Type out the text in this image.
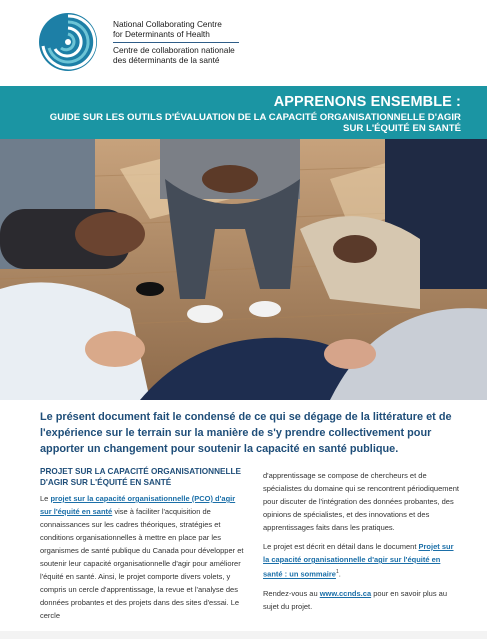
National Collaborating Centre
for Determinants of Health
Centre de collaboration nationale
des déterminants de la santé
APPRENONS ENSEMBLE :
GUIDE SUR LES OUTILS D'ÉVALUATION DE LA CAPACITÉ ORGANISATIONNELLE D'AGIR SUR L'ÉQUITÉ EN SANTÉ
Le présent document fait le condensé de ce qui se dégage de la littérature et de l'expérience sur le terrain sur la manière de s'y prendre collectivement pour apporter un changement pour soutenir la capacité en santé publique.
PROJET SUR LA CAPACITÉ ORGANISATIONNELLE D'AGIR SUR L'ÉQUITÉ EN SANTÉ
Le projet sur la capacité organisationnelle (PCO) d'agir sur l'équité en santé vise à faciliter l'acquisition de connaissances sur les cadres théoriques, stratégies et conditions organisationnelles à mettre en place par les organismes de santé publique du Canada pour développer et soutenir leur capacité organisationnelle d'agir pour améliorer l'équité en santé. Ainsi, le projet comporte divers volets, y compris un cercle d'apprentissage, la revue et l'analyse des données probantes et des projets dans des sites d'essai. Le cercle
d'apprentissage se compose de chercheurs et de spécialistes du domaine qui se rencontrent périodiquement pour discuter de l'intégration des données probantes, des opinions de spécialistes, et des innovations et des apprentissages faits dans les pratiques.
Le projet est décrit en détail dans le document Projet sur la capacité organisationnelle d'agir sur l'équité en santé : un sommaire$^1$.
Rendez-vous au www.ccnds.ca pour en savoir plus au sujet du projet.
